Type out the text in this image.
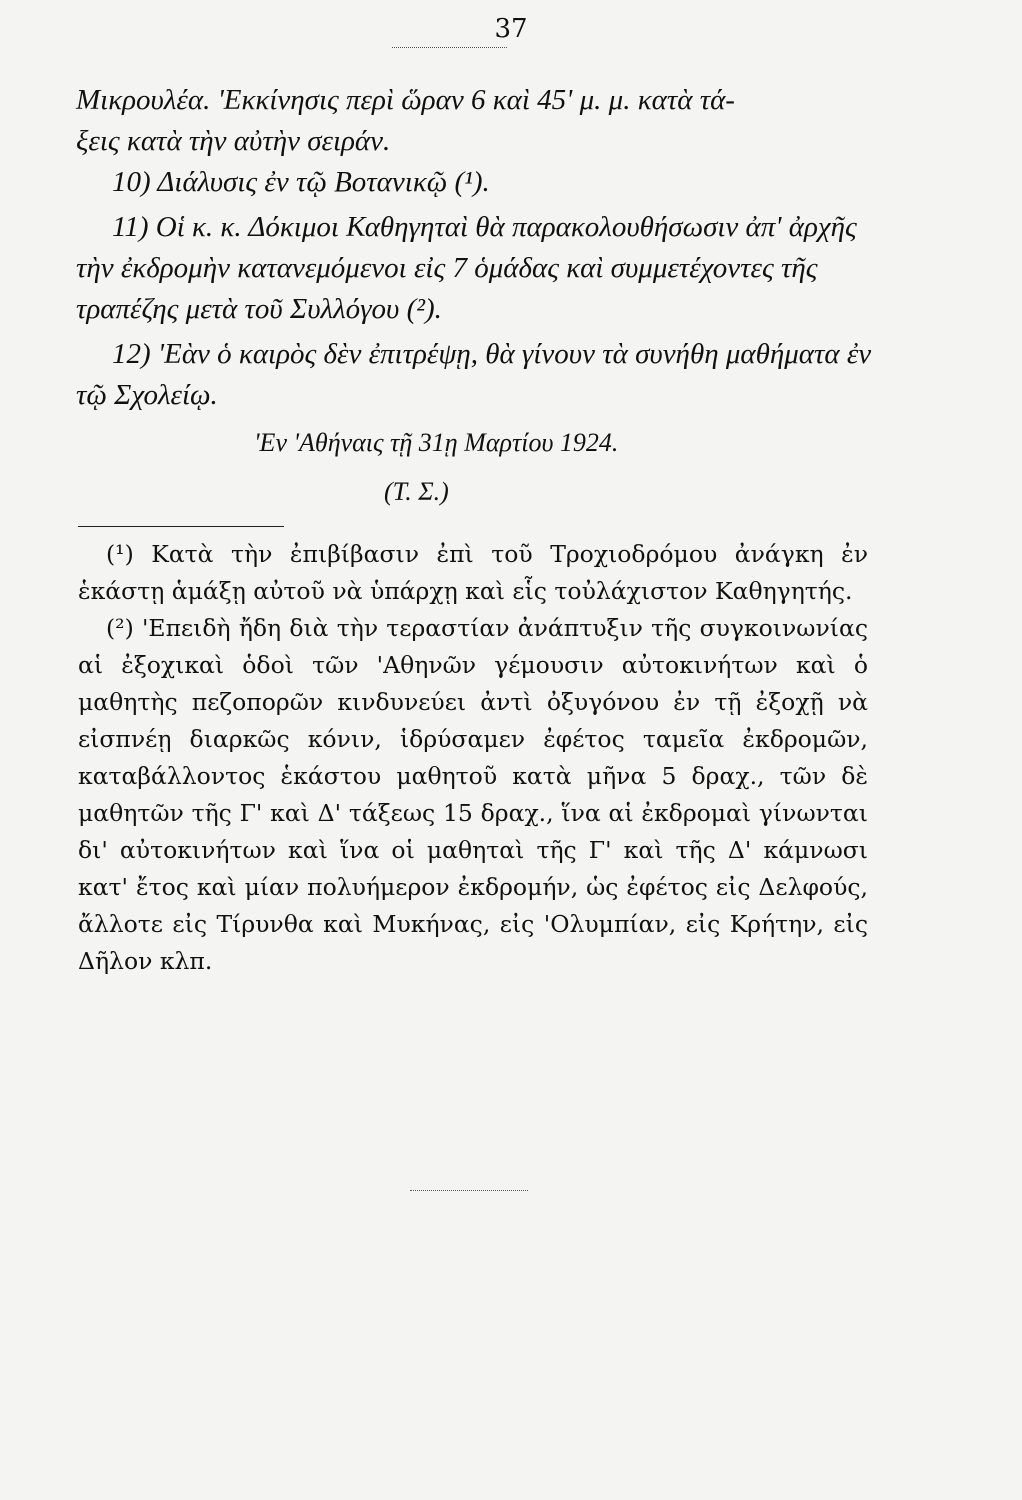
37

Μικρουλέα. 'Εκκίνησις περὶ ὥραν 6 καὶ 45' μ. μ. κατὰ τά-

ξεις κατὰ τὴν αὐτὴν σειράν.

10) Διάλυσις ἐν τῷ Βοτανικῷ (¹).

11) Οἱ κ. κ. Δόκιμοι Καθηγηταὶ θὰ παρακολουθήσωσιν ἀπ' ἀρχῆς τὴν ἐκδρομὴν κατανεμόμενοι εἰς 7 ὁμάδας καὶ συμμετέχοντες τῆς τραπέζης μετὰ τοῦ Συλλόγου (²).

12) 'Εὰν ὁ καιρὸς δὲν ἐπιτρέψῃ, θὰ γίνουν τὰ συνήθη μαθήματα ἐν τῷ Σχολείῳ.

'Εν 'Αθήναις τῇ 31ῃ Μαρτίου 1924.

(Τ. Σ.)

(¹) Κατὰ τὴν ἐπιβίβασιν ἐπὶ τοῦ Τροχιοδρόμου ἀνάγκη ἐν ἑκάστῃ ἁμάξῃ αὐτοῦ νὰ ὑπάρχῃ καὶ εἷς τοὐλάχιστον Καθηγητής.

(²) 'Επειδὴ ἤδη διὰ τὴν τεραστίαν ἀνάπτυξιν τῆς συγκοινωνίας αἱ ἐξοχικαὶ ὁδοὶ τῶν 'Αθηνῶν γέμουσιν αὐτοκινήτων καὶ ὁ μαθητὴς πεζοπορῶν κινδυνεύει ἀντὶ ὀξυγόνου ἐν τῇ ἐξοχῇ νὰ εἰσπνέῃ διαρκῶς κόνιν, ἱδρύσαμεν ἐφέτος ταμεῖα ἐκδρομῶν, καταβάλλοντος ἑκάστου μαθητοῦ κατὰ μῆνα 5 δραχ., τῶν δὲ μαθητῶν τῆς Γ' καὶ Δ' τάξεως 15 δραχ., ἵνα αἱ ἐκδρομαὶ γίνωνται δι' αὐτοκινήτων καὶ ἵνα οἱ μαθηταὶ τῆς Γ' καὶ τῆς Δ' κάμνωσι κατ' ἔτος καὶ μίαν πολυήμερον ἐκδρομήν, ὡς ἐφέτος εἰς Δελφούς, ἄλλοτε εἰς Τίρυνθα καὶ Μυκήνας, εἰς 'Ολυμπίαν, εἰς Κρήτην, εἰς Δῆλον κλπ.
